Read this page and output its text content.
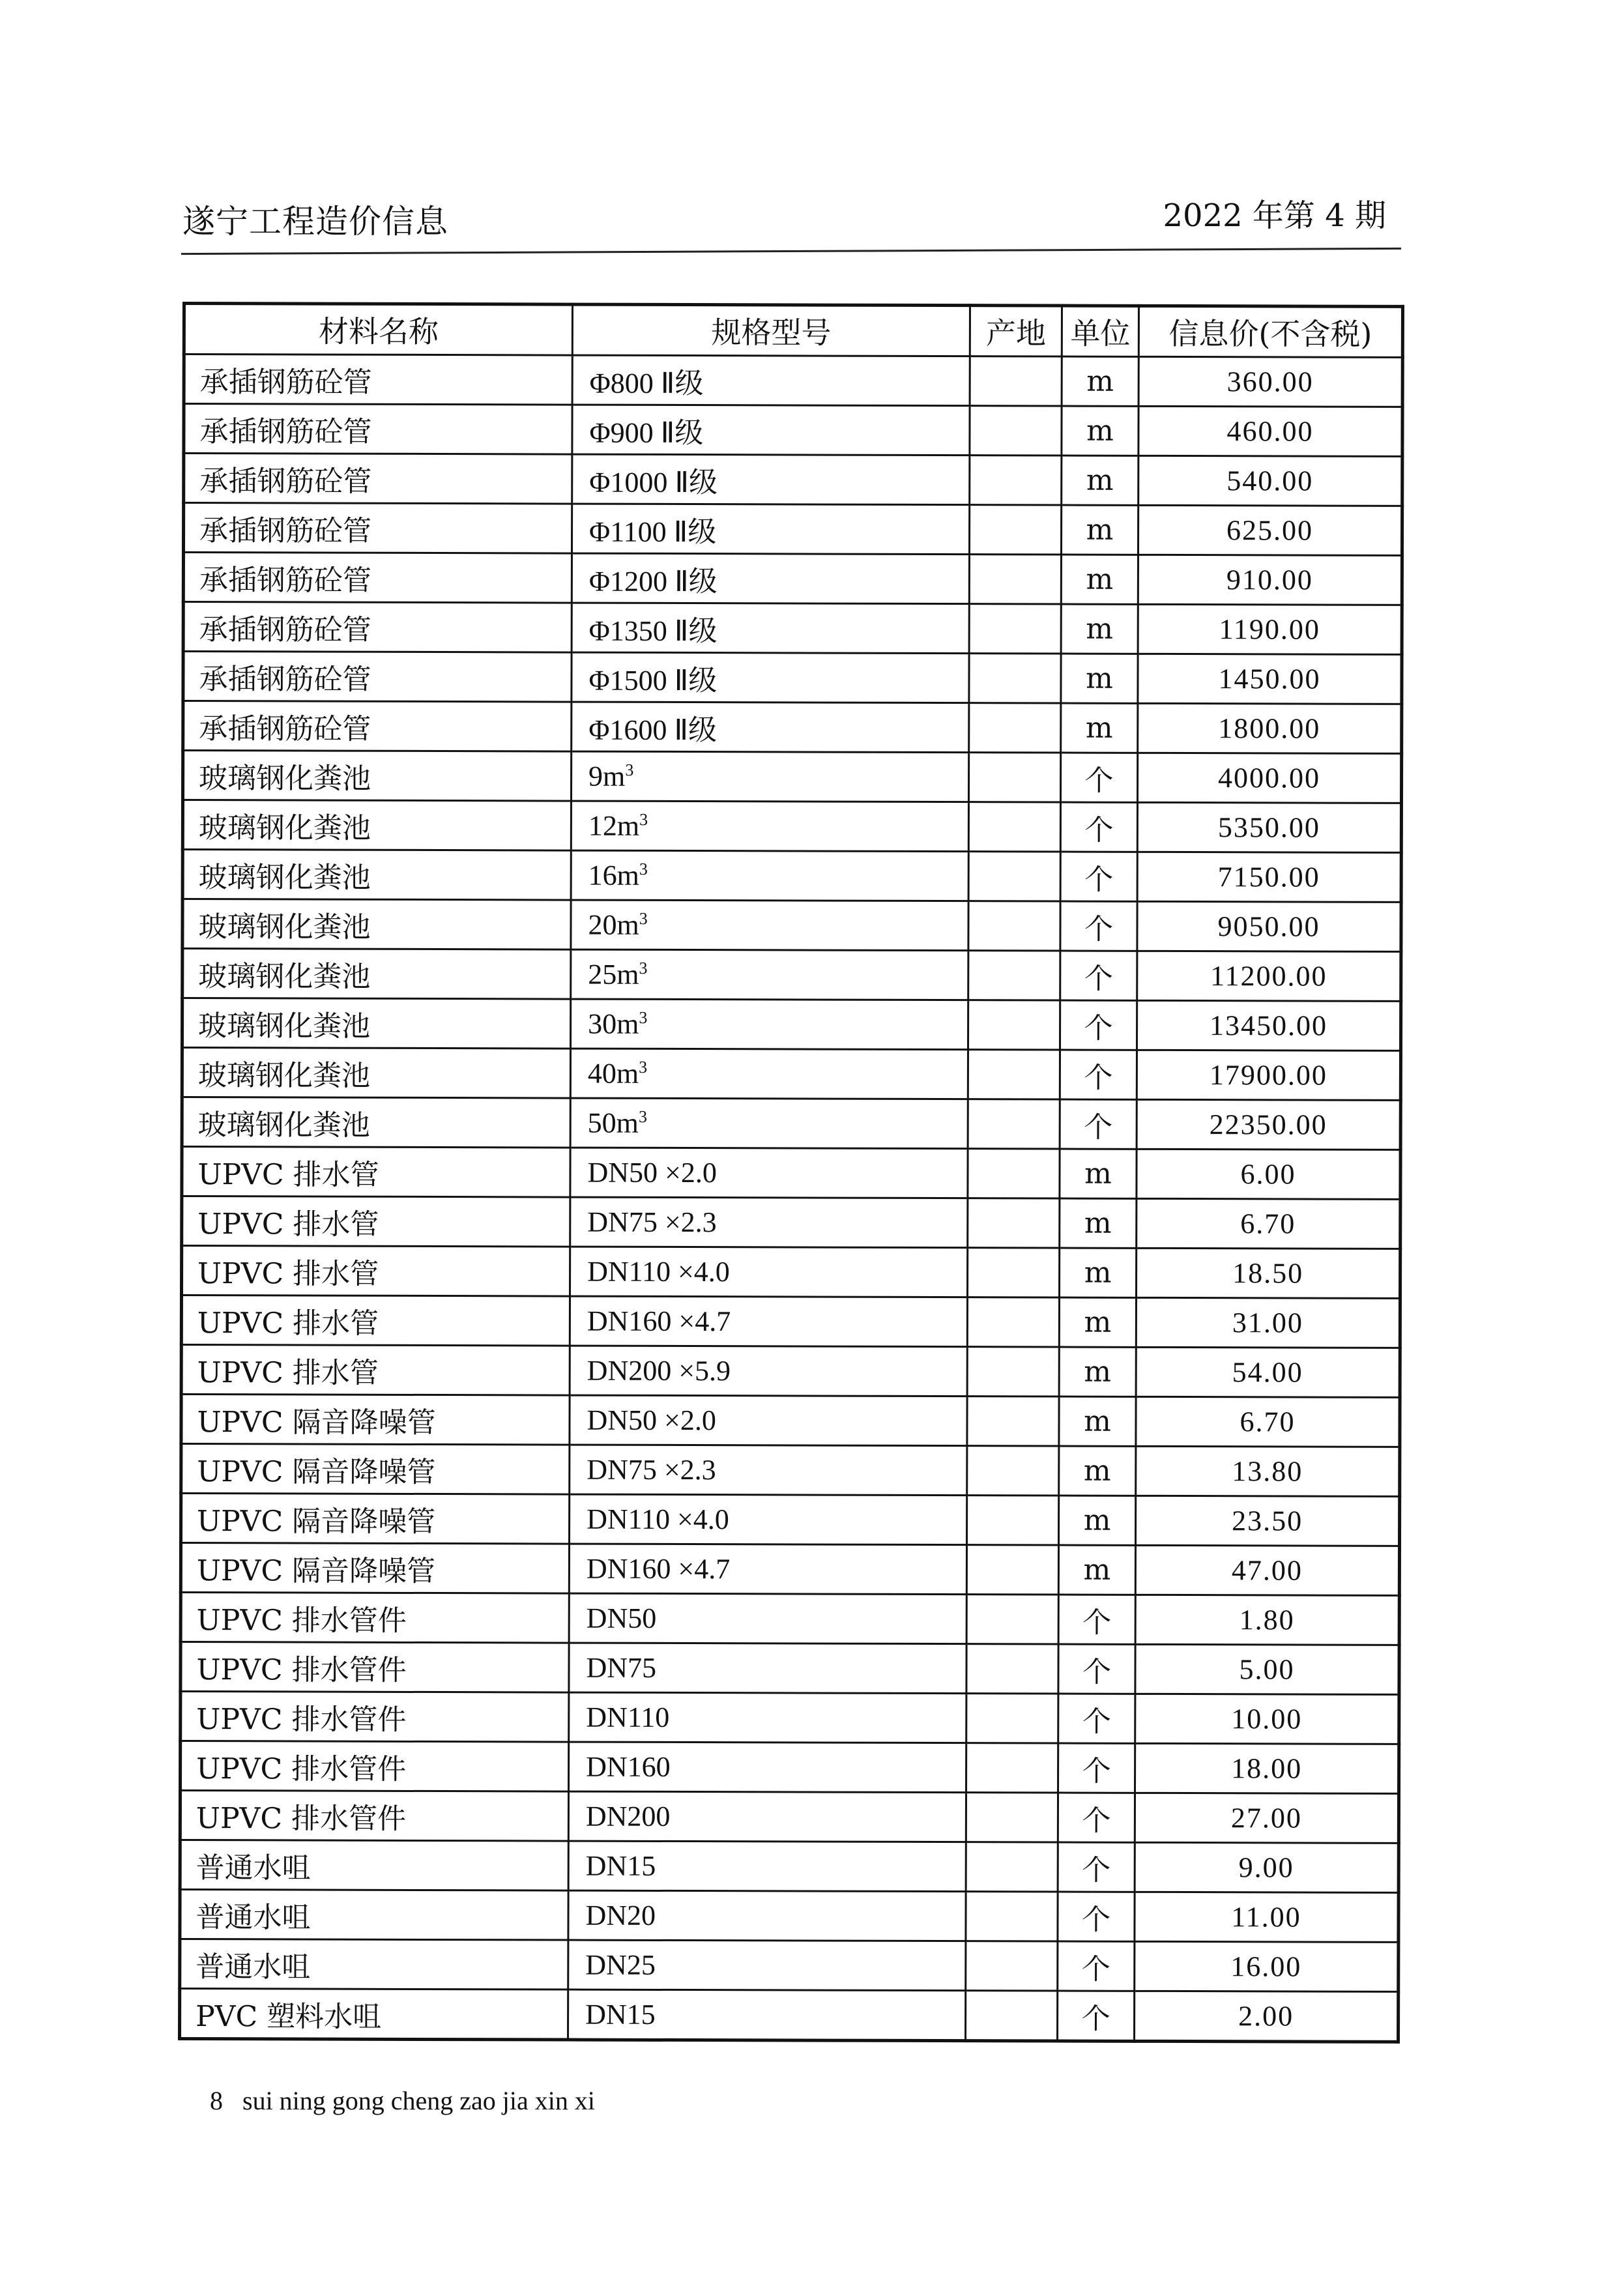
遂宁工程造价信息	2022 年第 4 期
材料名称	规格型号	产地	单位	信息价(不含税)
承插钢筋砼管	Φ800 Ⅱ级		m	360.00
承插钢筋砼管	Φ900 Ⅱ级		m	460.00
承插钢筋砼管	Φ1000 Ⅱ级		m	540.00
承插钢筋砼管	Φ1100 Ⅱ级		m	625.00
承插钢筋砼管	Φ1200 Ⅱ级		m	910.00
承插钢筋砼管	Φ1350 Ⅱ级		m	1190.00
承插钢筋砼管	Φ1500 Ⅱ级		m	1450.00
承插钢筋砼管	Φ1600 Ⅱ级		m	1800.00
玻璃钢化粪池	$9m^3$		个	4000.00
玻璃钢化粪池	$12m^3$		个	5350.00
玻璃钢化粪池	$16m^3$		个	7150.00
玻璃钢化粪池	$20m^3$		个	9050.00
玻璃钢化粪池	$25m^3$		个	11200.00
玻璃钢化粪池	$30m^3$		个	13450.00
玻璃钢化粪池	$40m^3$		个	17900.00
玻璃钢化粪池	$50m^3$		个	22350.00
UPVC 排水管	DN50 ×2.0		m	6.00
UPVC 排水管	DN75 ×2.3		m	6.70
UPVC 排水管	DN110 ×4.0		m	18.50
UPVC 排水管	DN160 ×4.7		m	31.00
UPVC 排水管	DN200 ×5.9		m	54.00
UPVC 隔音降噪管	DN50 ×2.0		m	6.70
UPVC 隔音降噪管	DN75 ×2.3		m	13.80
UPVC 隔音降噪管	DN110 ×4.0		m	23.50
UPVC 隔音降噪管	DN160 ×4.7		m	47.00
UPVC 排水管件	DN50		个	1.80
UPVC 排水管件	DN75		个	5.00
UPVC 排水管件	DN110		个	10.00
UPVC 排水管件	DN160		个	18.00
UPVC 排水管件	DN200		个	27.00
普通水咀	DN15		个	9.00
普通水咀	DN20		个	11.00
普通水咀	DN25		个	16.00
PVC 塑料水咀	DN15		个	2.00
8 sui ning gong cheng zao jia xin xi
